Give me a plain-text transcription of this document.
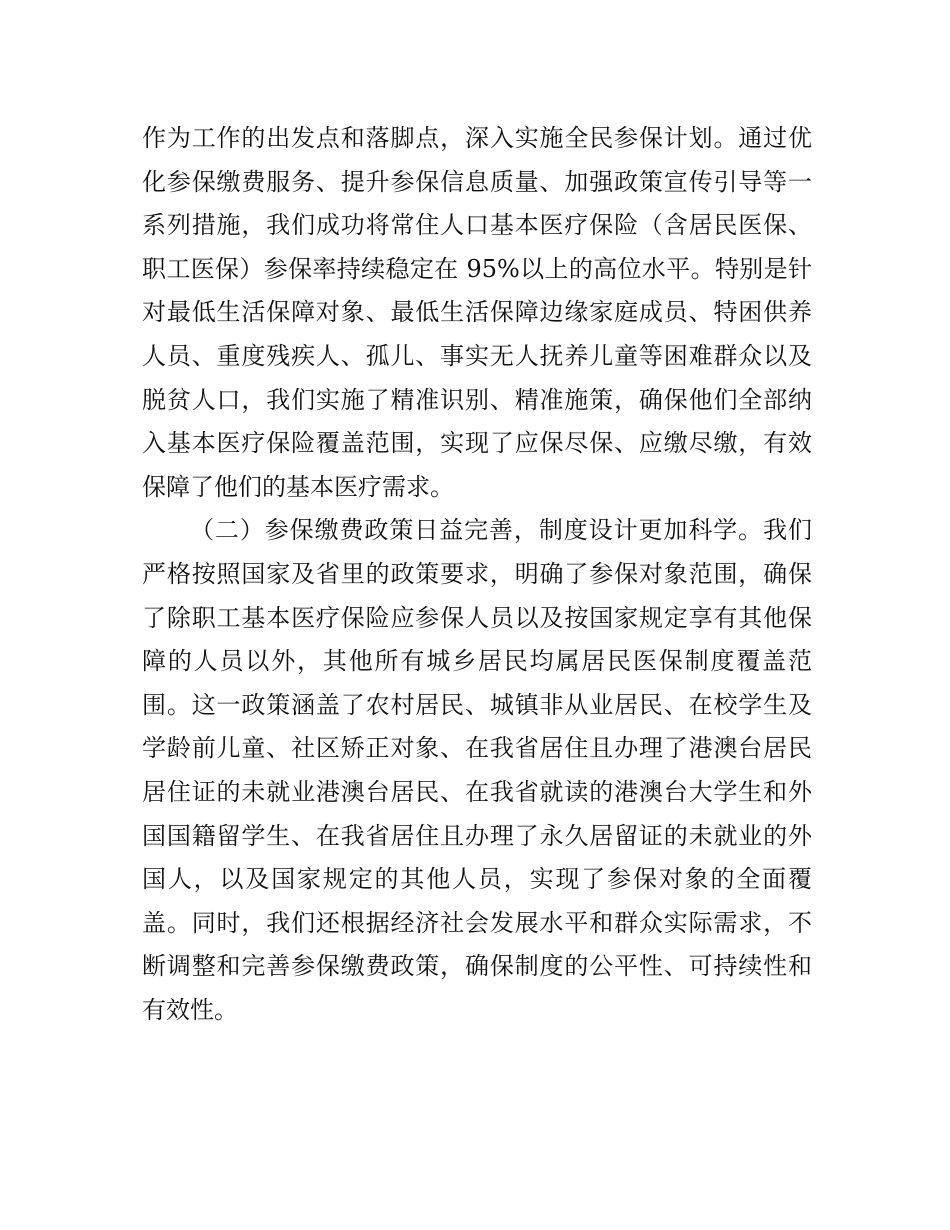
作为工作的出发点和落脚点，深入实施全民参保计划。通过优
化参保缴费服务、提升参保信息质量、加强政策宣传引导等一
系列措施，我们成功将常住人口基本医疗保险（含居民医保、
职工医保）参保率持续稳定在 95%以上的高位水平。特别是针
对最低生活保障对象、最低生活保障边缘家庭成员、特困供养
人员、重度残疾人、孤儿、事实无人抚养儿童等困难群众以及
脱贫人口，我们实施了精准识别、精准施策，确保他们全部纳
入基本医疗保险覆盖范围，实现了应保尽保、应缴尽缴，有效
保障了他们的基本医疗需求。
（二）参保缴费政策日益完善，制度设计更加科学。我们
严格按照国家及省里的政策要求，明确了参保对象范围，确保
了除职工基本医疗保险应参保人员以及按国家规定享有其他保
障的人员以外，其他所有城乡居民均属居民医保制度覆盖范
围。这一政策涵盖了农村居民、城镇非从业居民、在校学生及
学龄前儿童、社区矫正对象、在我省居住且办理了港澳台居民
居住证的未就业港澳台居民、在我省就读的港澳台大学生和外
国国籍留学生、在我省居住且办理了永久居留证的未就业的外
国人，以及国家规定的其他人员，实现了参保对象的全面覆
盖。同时，我们还根据经济社会发展水平和群众实际需求，不
断调整和完善参保缴费政策，确保制度的公平性、可持续性和
有效性。
